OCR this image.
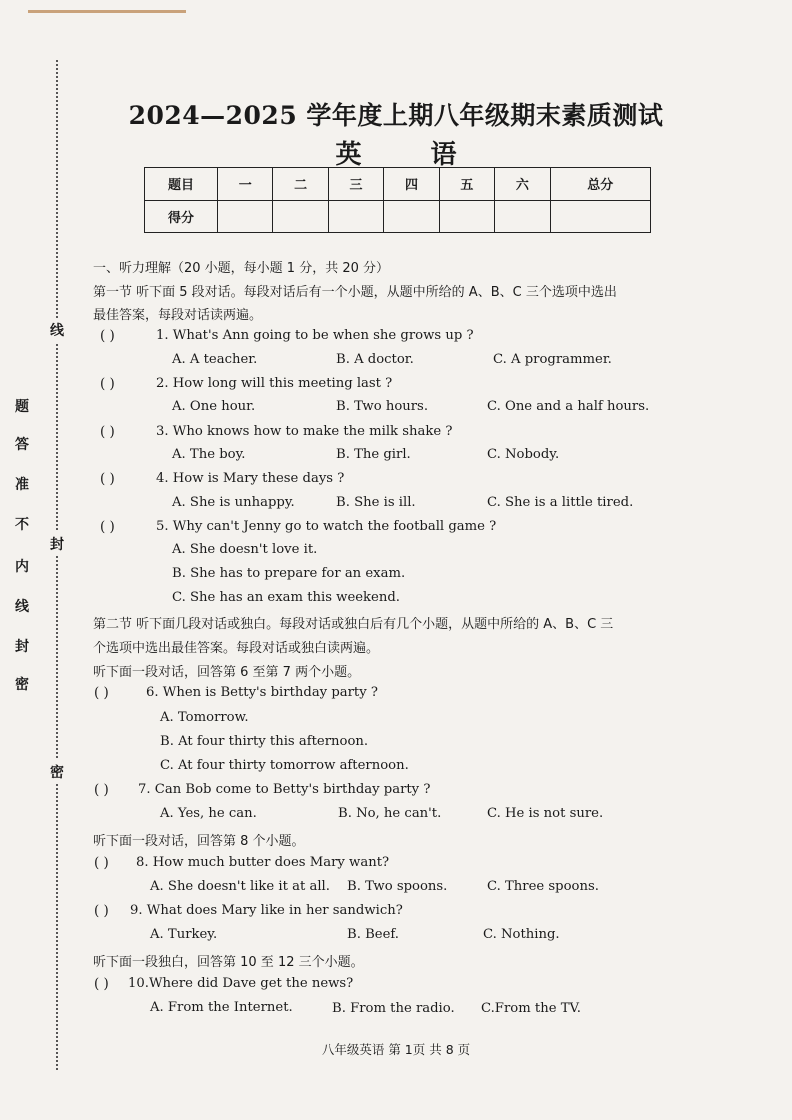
线
封
密
题
答
准
不
内
线
封
密
2024—2025 学年度上期八年级期末素质测试
英 语
题目	一	二	三	四	五	六	总分
得分							
一、听力理解（20 小题，每小题 1 分，共 20 分）
第一节 听下面 5 段对话。每段对话后有一个小题，从题中所给的 A、B、C 三个选项中选出
最佳答案，每段对话读两遍。
( )	1. What's Ann going to be when she grows up ?
A. A teacher.	B. A doctor.	C. A programmer.
( )	2. How long will this meeting last ?
A. One hour.	B. Two hours.	C. One and a half hours.
( )	3. Who knows how to make the milk shake ?
A. The boy.	B. The girl.	C. Nobody.
( )	4. How is Mary these days ?
A. She is unhappy.	B. She is ill.	C. She is a little tired.
( )	5. Why can't Jenny go to watch the football game ?
A. She doesn't love it.
B. She has to prepare for an exam.
C. She has an exam this weekend.
第二节 听下面几段对话或独白。每段对话或独白后有几个小题，从题中所给的 A、B、C 三
个选项中选出最佳答案。每段对话或独白读两遍。
听下面一段对话，回答第 6 至第 7 两个小题。
( )	6. When is Betty's birthday party ?
A. Tomorrow.
B. At four thirty this afternoon.
C. At four thirty tomorrow afternoon.
( ) 7. Can Bob come to Betty's birthday party ?
A. Yes, he can.	B. No, he can't.	C. He is not sure.
听下面一段对话，回答第 8 个小题。
( ) 8. How much butter does Mary want?
A. She doesn't like it at all. B. Two spoons.	C. Three spoons.
( ) 9. What does Mary like in her sandwich?
A. Turkey.	B. Beef.	C. Nothing.
听下面一段独白，回答第 10 至 12 三个小题。
( ) 10.Where did Dave get the news?
A. From the Internet.	B. From the radio. C.From the TV.
八年级英语 第 1页 共 8 页
